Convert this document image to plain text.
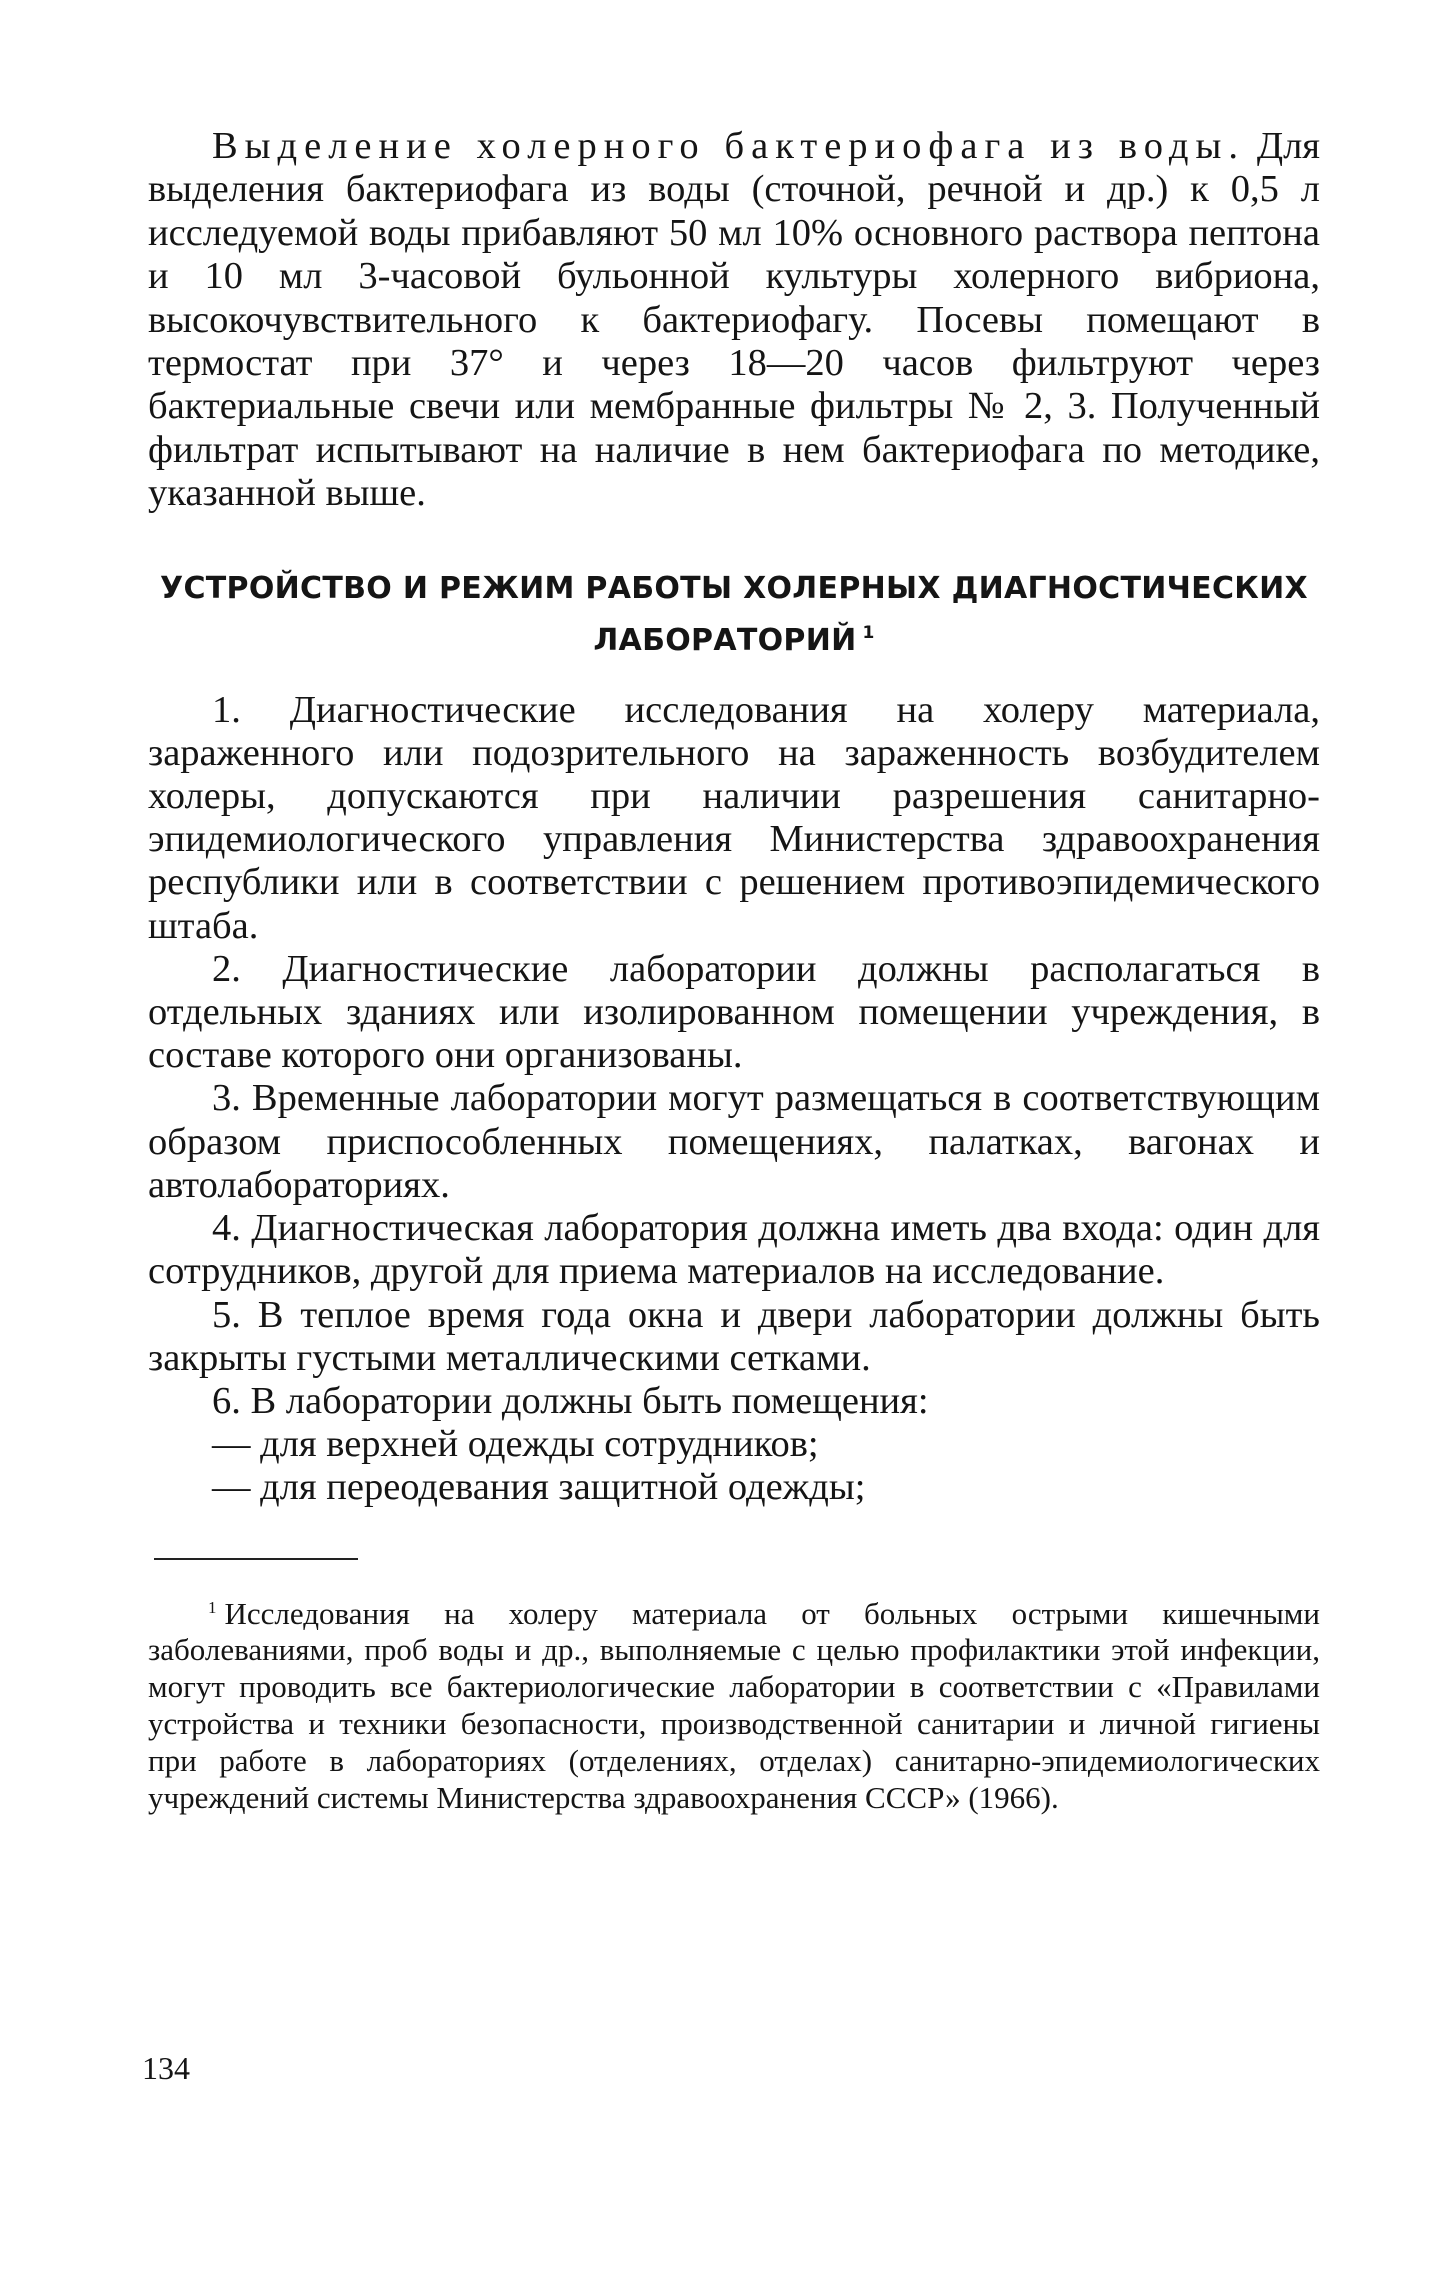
Выделение холерного бактериофага из воды. Для выделения бактериофага из воды (сточной, речной и др.) к 0,5 л исследуемой воды прибавляют 50 мл 10% основного раствора пептона и 10 мл 3-часовой бульонной культуры холерного вибриона, высокочувствительного к бактериофагу. Посевы помещают в термостат при 37° и через 18—20 часов фильтруют через бактериальные свечи или мембранные фильтры № 2, 3. Полученный фильтрат испытывают на наличие в нем бактериофага по методике, указанной выше.

УСТРОЙСТВО И РЕЖИМ РАБОТЫ ХОЛЕРНЫХ ДИАГНОСТИЧЕСКИХ ЛАБОРАТОРИЙ $^1$

1. Диагностические исследования на холеру материала, зараженного или подозрительного на зараженность возбудителем холеры, допускаются при наличии разрешения санитарно-эпидемиологического управления Министерства здравоохранения республики или в соответствии с решением противоэпидемического штаба.

2. Диагностические лаборатории должны располагаться в отдельных зданиях или изолированном помещении учреждения, в составе которого они организованы.

3. Временные лаборатории могут размещаться в соответствующим образом приспособленных помещениях, палатках, вагонах и автолабораториях.

4. Диагностическая лаборатория должна иметь два входа: один для сотрудников, другой для приема материалов на исследование.

5. В теплое время года окна и двери лаборатории должны быть закрыты густыми металлическими сетками.

6. В лаборатории должны быть помещения:

— для верхней одежды сотрудников;

— для переодевания защитной одежды;

$^1$ Исследования на холеру материала от больных острыми кишечными заболеваниями, проб воды и др., выполняемые с целью профилактики этой инфекции, могут проводить все бактериологические лаборатории в соответствии с «Правилами устройства и техники безопасности, производственной санитарии и личной гигиены при работе в лабораториях (отделениях, отделах) санитарно-эпидемиологических учреждений системы Министерства здравоохранения СССР» (1966).

134
